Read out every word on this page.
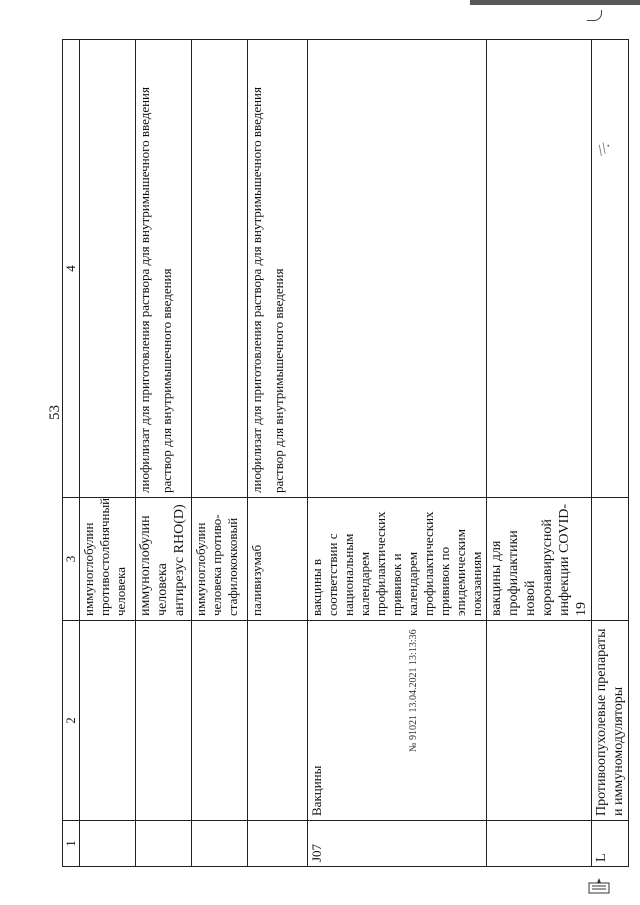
//·
53
1	2	3	4
		иммуноглобулин противостолбнячный человека	
		иммуноглобулин человека антирезус RHO(D)	лиофилизат для приготовления раствора для внутримышечного введения раствор для внутримышечного введения

		иммуноглобулин человека противо-стафилококковый	
		паливизумаб	лиофилизат для приготовления раствора для внутримышечного введения раствор для внутримышечного введения

J07	Вакцины	вакцины в соответствии с национальным календарем профилактических прививок и календарем профилактических прививок по эпидемическим показаниям	
		вакцины для профилактики новой коронавирусной инфекции COVID-19	
L	Противоопухолевые препараты и иммуномодуляторы		
№ 91021 13.04.2021 13:13:36
